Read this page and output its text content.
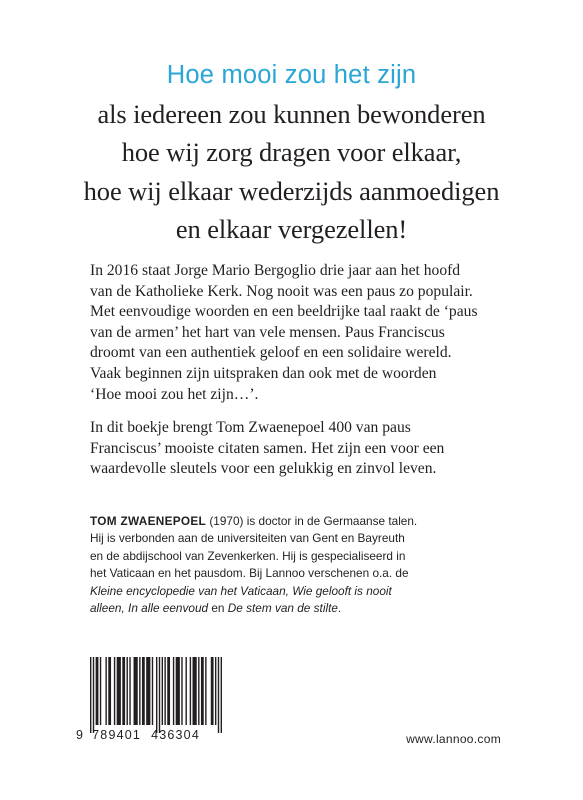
Hoe mooi zou het zijn
als iedereen zou kunnen bewonderen
hoe wij zorg dragen voor elkaar,
hoe wij elkaar wederzijds aanmoedigen
en elkaar vergezellen!
In 2016 staat Jorge Mario Bergoglio drie jaar aan het hoofd
van de Katholieke Kerk. Nog nooit was een paus zo populair.
Met eenvoudige woorden en een beeldrijke taal raakt de ‘paus
van de armen’ het hart van vele mensen. Paus Franciscus
droomt van een authentiek geloof en een solidaire wereld.
Vaak beginnen zijn uitspraken dan ook met de woorden
‘Hoe mooi zou het zijn…’.
In dit boekje brengt Tom Zwaenepoel 400 van paus
Franciscus’ mooiste citaten samen. Het zijn een voor een
waardevolle sleutels voor een gelukkig en zinvol leven.
TOM ZWAENEPOEL (1970) is doctor in de Germaanse talen.
Hij is verbonden aan de universiteiten van Gent en Bayreuth
en de abdijschool van Zevenkerken. Hij is gespecialiseerd in
het Vaticaan en het pausdom. Bij Lannoo verschenen o.a. de
Kleine encyclopedie van het Vaticaan, Wie gelooft is nooit
alleen, In alle eenvoud en De stem van de stilte.
9 789401 436304	www.lannoo.com
